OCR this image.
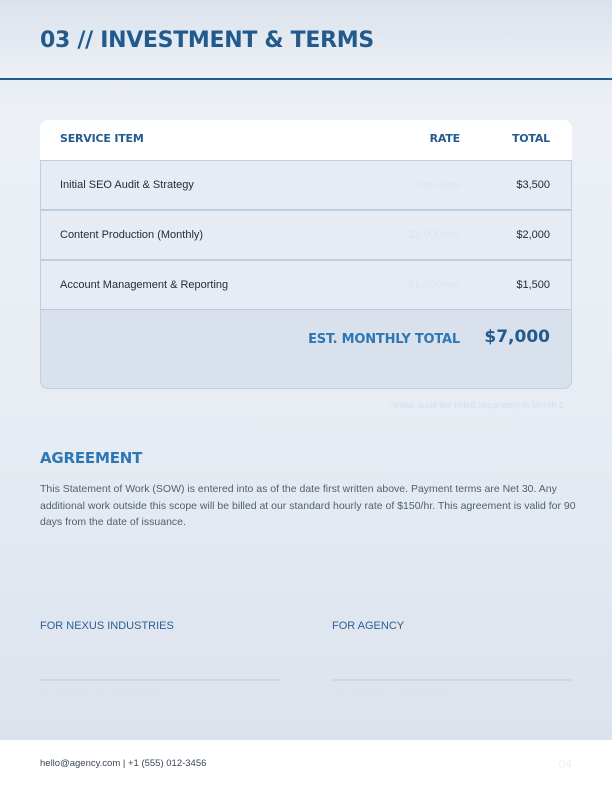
03 // INVESTMENT & TERMS
SERVICE ITEM	RATE	TOTAL
Initial SEO Audit & Strategy	One-time	$3,500
Content Production (Monthly)	$2,000/mo	$2,000
Account Management & Reporting	$1,500/mo	$1,500
EST. MONTHLY TOTAL $7,000
*Initial audit fee billed separately in Month 1
AGREEMENT
This Statement of Work (SOW) is entered into as of the date first written above. Payment terms are Net 30. Any additional work outside this scope will be billed at our standard hourly rate of $150/hr. This agreement is valid for 90 days from the date of issuance.
FOR NEXUS INDUSTRIES
AUTHORIZED SIGNATURE
FOR AGENCY
AUTHORIZED SIGNATURE
hello@agency.com | +1 (555) 012-3456	04
